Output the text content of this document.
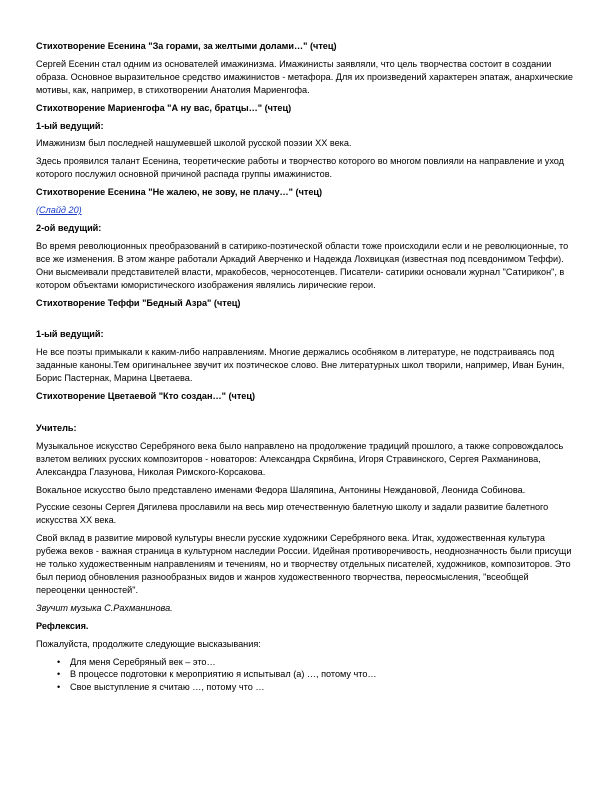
Стихотворение Есенина "За горами, за желтыми долами…" (чтец)
Сергей Есенин стал одним из основателей имажинизма. Имажинисты заявляли, что цель творчества состоит в создании образа. Основное выразительное средство имажинистов - метафора. Для их произведений характерен эпатаж, анархические мотивы, как, например, в стихотворении Анатолия Мариенгофа.
Стихотворение Мариенгофа "А ну вас, братцы…" (чтец)
1-ый ведущий:
Имажинизм был последней нашумевшей школой русской поэзии XX века.
Здесь проявился талант Есенина, теоретические работы и творчество которого во многом повлияли на направление и уход которого послужил основной причиной распада группы имажинистов.
Стихотворение Есенина "Не жалею, не зову, не плачу…" (чтец)
(Слайд 20)
2-ой ведущий:
Во время революционных преобразований в сатирико-поэтической области тоже происходили если и не революционные, то все же изменения. В этом жанре работали Аркадий Аверченко и Надежда Лохвицкая (известная под псевдонимом Теффи). Они высмеивали представителей власти, мракобесов, черносотенцев. Писатели- сатирики основали журнал "Сатирикон", в котором объектами юмористического изображения являлись лирические герои.
Стихотворение Теффи "Бедный Азра" (чтец)
1-ый ведущий:
Не все поэты примыкали к каким-либо направлениям. Многие держались особняком в литературе, не подстраиваясь под заданные каноны.Тем оригинальнее звучит их поэтическое слово. Вне литературных школ творили, например, Иван Бунин, Борис Пастернак, Марина Цветаева.
Стихотворение Цветаевой "Кто создан…" (чтец)
Учитель:
Музыкальное искусство Серебряного века было направлено на продолжение традиций прошлого, а также сопровождалось взлетом великих русских композиторов - новаторов: Александра Скрябина, Игоря Стравинского, Сергея Рахманинова, Александра Глазунова, Николая Римского-Корсакова.
Вокальное искусство было представлено именами Федора Шаляпина, Антонины Неждановой, Леонида Собинова.
Русские сезоны Сергея Дягилева прославили на весь мир отечественную балетную школу и задали развитие балетного искусства XX века.
Свой вклад в развитие мировой культуры внесли русские художники Серебряного века. Итак, художественная культура рубежа веков - важная страница в культурном наследии России. Идейная противоречивость, неоднозначность были присущи не только художественным направлениям и течениям, но и творчеству отдельных писателей, художников, композиторов. Это был период обновления разнообразных видов и жанров художественного творчества, переосмысления, "всеобщей переоценки ценностей".
Звучит музыка С.Рахманинова.
Рефлексия.
Пожалуйста, продолжите следующие высказывания:
• Для меня Серебряный век – это…
• В процессе подготовки к мероприятию я испытывал (а) …, потому что…
• Свое выступление я считаю …, потому что …
